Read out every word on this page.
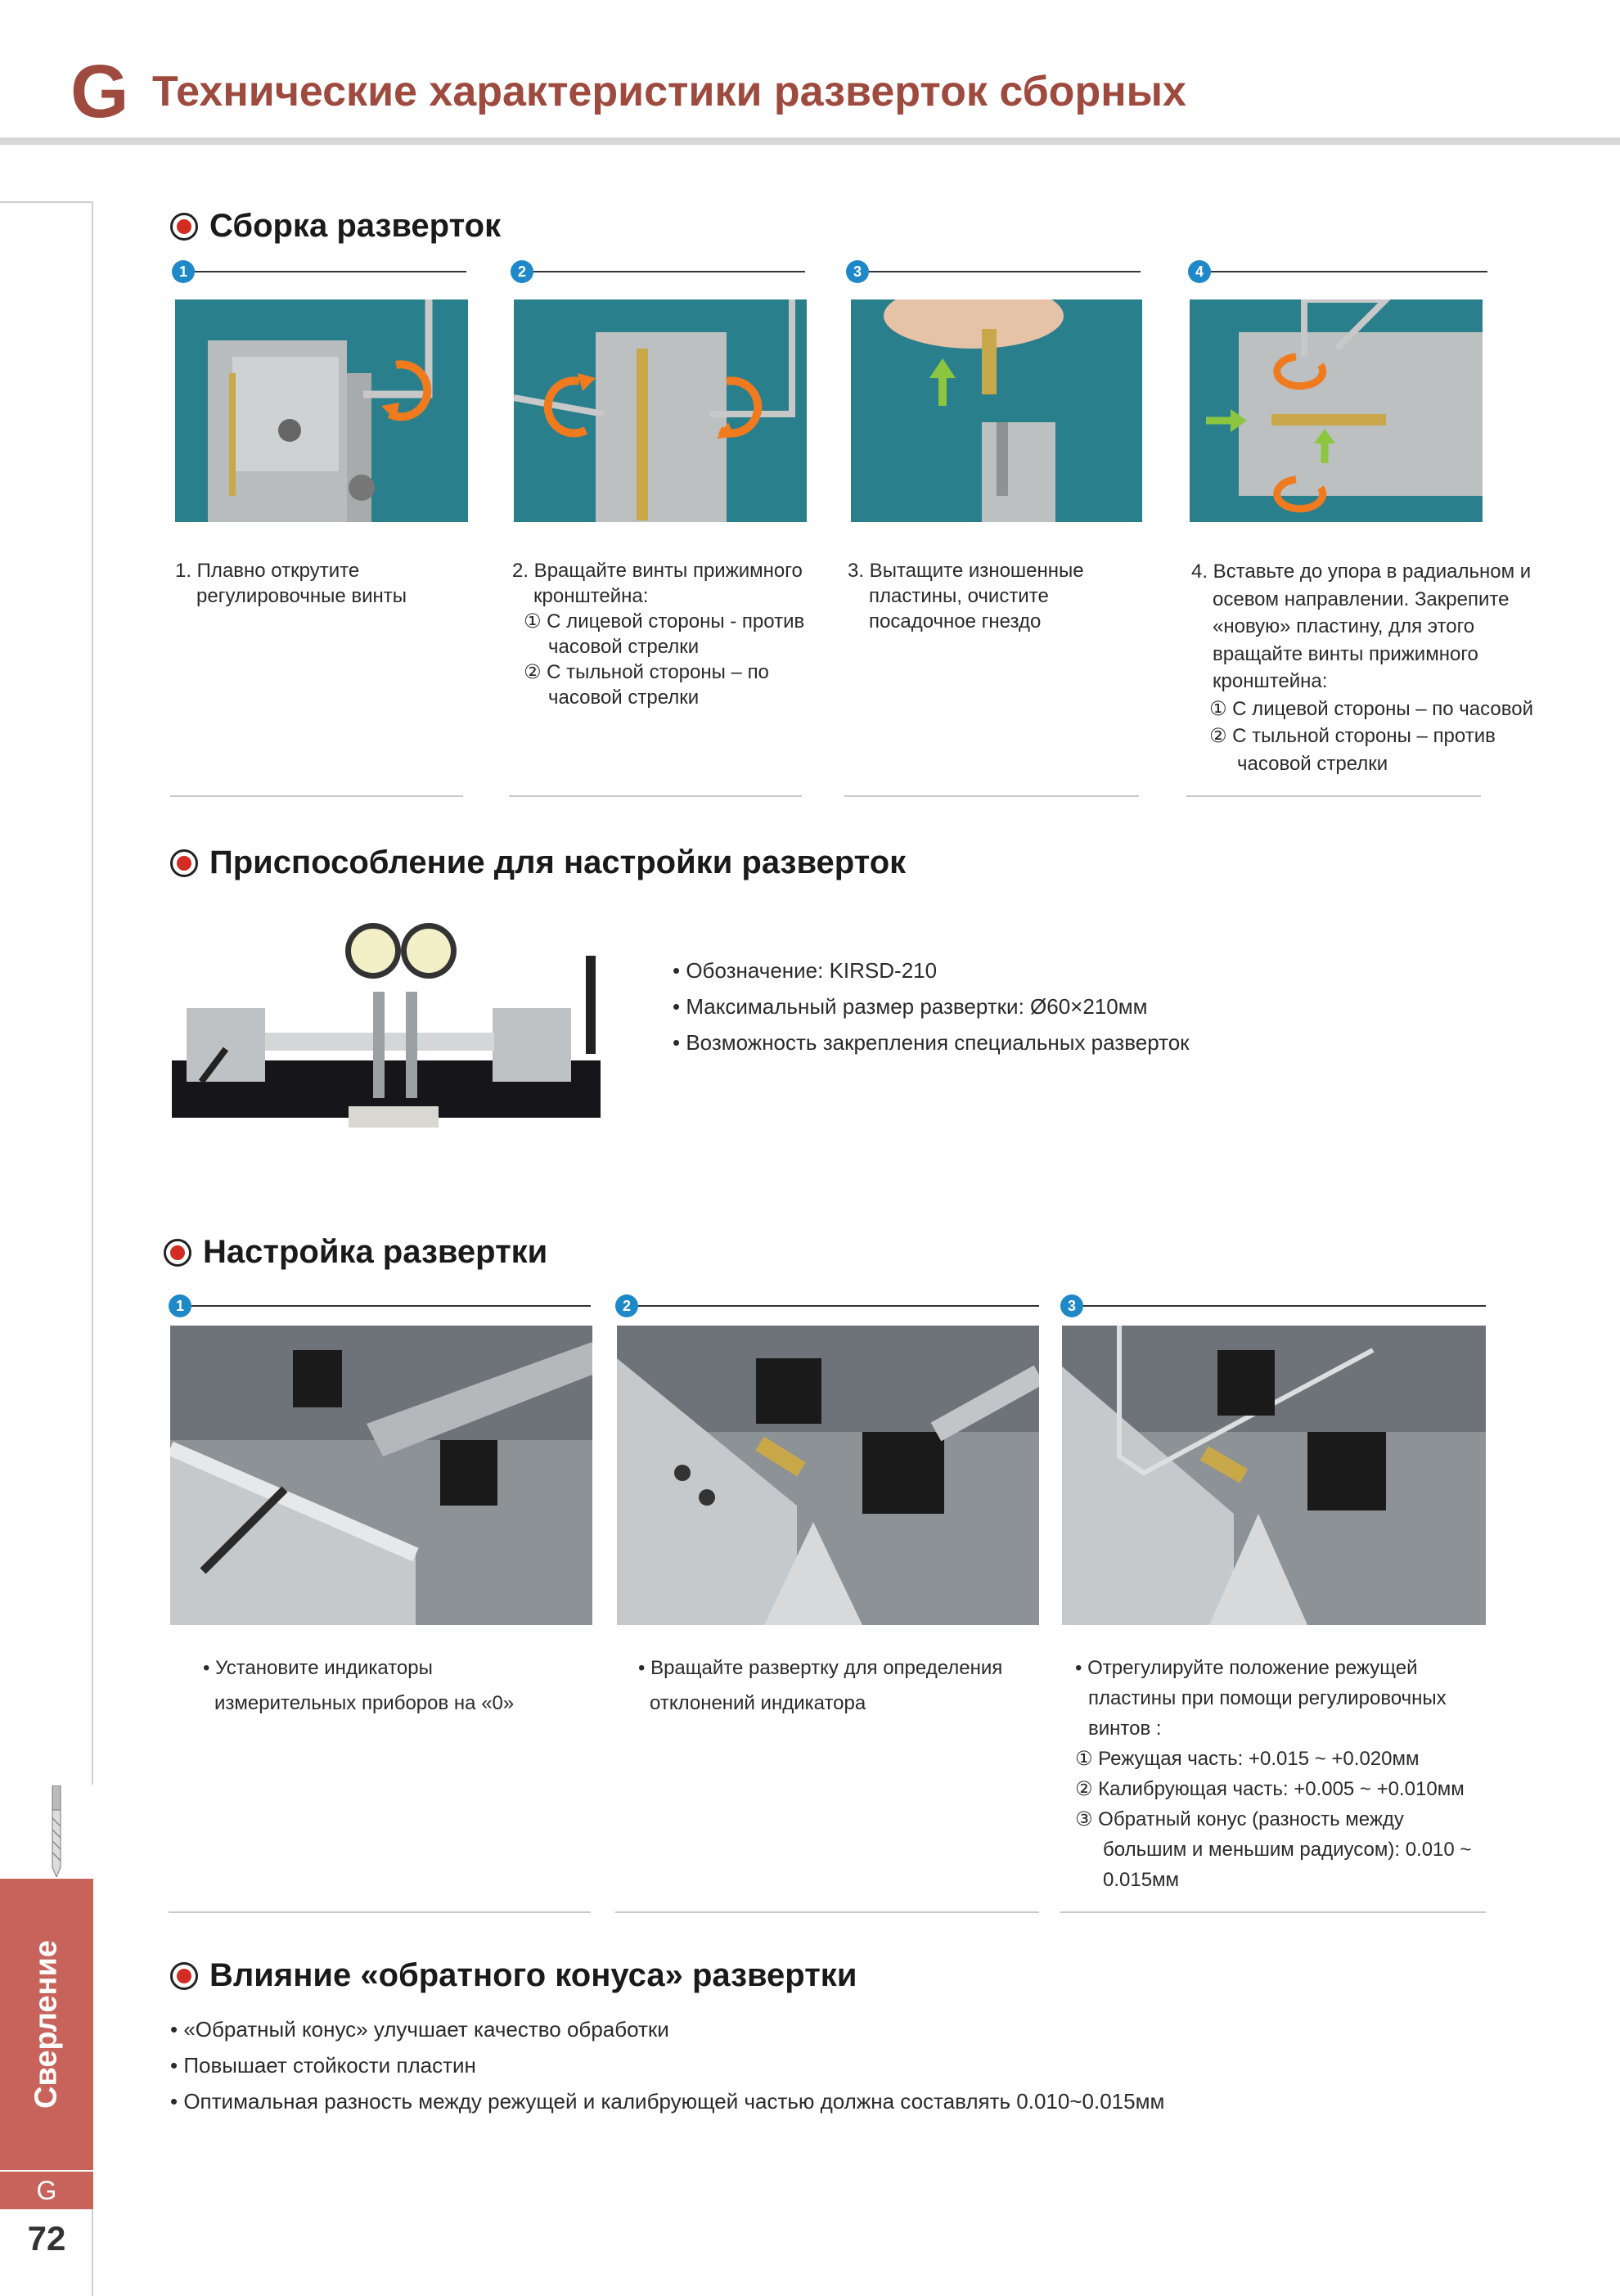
G Технические характеристики разверток сборных
Сверление
G
72
Сборка разверток
1	2	3	4
1. Плавно открутите
регулировочные винты
2. Вращайте винты прижимного
кронштейна:
① С лицевой стороны - против
часовой стрелки
② С тыльной стороны – по
часовой стрелки
3. Вытащите изношенные
пластины, очистите
посадочное гнездо
4. Вставьте до упора в радиальном и
осевом направлении. Закрепите
«новую» пластину, для этого
вращайте винты прижимного
кронштейна:
① С лицевой стороны – по часовой
② С тыльной стороны – против
часовой стрелки
Приспособление для настройки разверток
• Обозначение: KIRSD-210
• Максимальный размер развертки: Ø60×210мм
• Возможность закрепления специальных разверток
Настройка развертки
1	2	3
• Установите индикаторы
измерительных приборов на «0»
• Вращайте развертку для определения
отклонений индикатора
• Отрегулируйте положение режущей
пластины при помощи регулировочных
винтов :
① Режущая часть: +0.015 ~ +0.020мм
② Калибрующая часть: +0.005 ~ +0.010мм
③ Обратный конус (разность между
большим и меньшим радиусом): 0.010 ~
0.015мм
Влияние «обратного конуса» развертки
• «Обратный конус» улучшает качество обработки
• Повышает стойкости пластин
• Оптимальная разность между режущей и калибрующей частью должна составлять 0.010~0.015мм
